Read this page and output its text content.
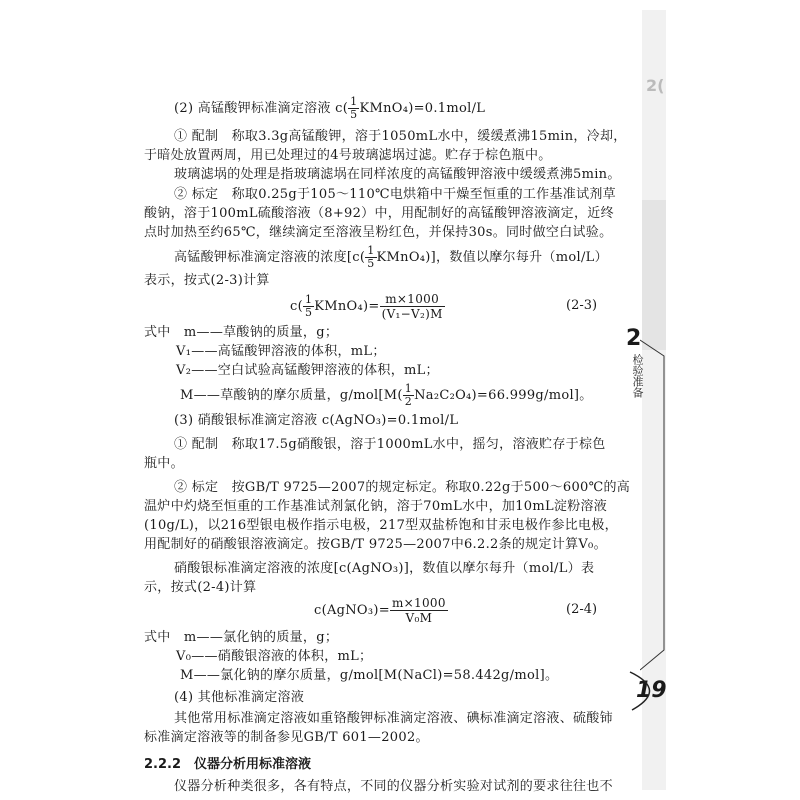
2(
2
检验准备
19
(2) 高锰酸钾标准滴定溶液 $c( \frac{1}{5}$ KMnO₄)=0.1mol/L
① 配制　称取3.3g高锰酸钾，溶于1050mL水中，缓缓煮沸15min，冷却，
于暗处放置两周，用已处理过的4号玻璃滤埚过滤。贮存于棕色瓶中。
玻璃滤埚的处理是指玻璃滤埚在同样浓度的高锰酸钾溶液中缓缓煮沸5min。
② 标定　称取0.25g于105～110℃电烘箱中干燥至恒重的工作基准试剂草
酸钠，溶于100mL硫酸溶液（8+92）中，用配制好的高锰酸钾溶液滴定，近终
点时加热至约65℃，继续滴定至溶液呈粉红色，并保持30s。同时做空白试验。
高锰酸钾标准滴定溶液的浓度[$c( \frac{1}{5}$ KMnO₄)]，数值以摩尔每升（mol/L）
表示，按式(2-3)计算
$c( \frac{1}{5}$ KMnO₄)= $\frac{m\times 1000}{\text{(V₁−V₂)M}}$	(2-3)
式中　m——草酸钠的质量，g；
V₁——高锰酸钾溶液的体积，mL；
V₂——空白试验高锰酸钾溶液的体积，mL；
M——草酸钠的摩尔质量，$g/mol[M( \frac{1}{2} Na_2C_2O_4)=66.999g/mol]$。
(3) 硝酸银标准滴定溶液 c(AgNO₃)=0.1mol/L
① 配制　称取17.5g硝酸银，溶于1000mL水中，摇匀，溶液贮存于棕色
瓶中。
② 标定　按GB/T 9725—2007的规定标定。称取0.22g于500～600℃的高
温炉中灼烧至恒重的工作基准试剂氯化钠，溶于70mL水中，加10mL淀粉溶液
(10g/L)，以216型银电极作指示电极，217型双盐桥饱和甘汞电极作参比电极，
用配制好的硝酸银溶液滴定。按GB/T 9725—2007中6.2.2条的规定计算V₀。
硝酸银标准滴定溶液的浓度[c(AgNO₃)]，数值以摩尔每升（mol/L）表
示，按式(2-4)计算
c(AgNO₃)= $\frac{m\times 1000}{\text{V₀M}}$	(2-4)
式中　m——氯化钠的质量，g；
V₀——硝酸银溶液的体积，mL；
M——氯化钠的摩尔质量，g/mol[M(NaCl)=58.442g/mol]。
(4) 其他标准滴定溶液
其他常用标准滴定溶液如重铬酸钾标准滴定溶液、碘标准滴定溶液、硫酸铈
标准滴定溶液等的制备参见GB/T 601—2002。
2.2.2　仪器分析用标准溶液
仪器分析种类很多，各有特点，不同的仪器分析实验对试剂的要求往往也不
